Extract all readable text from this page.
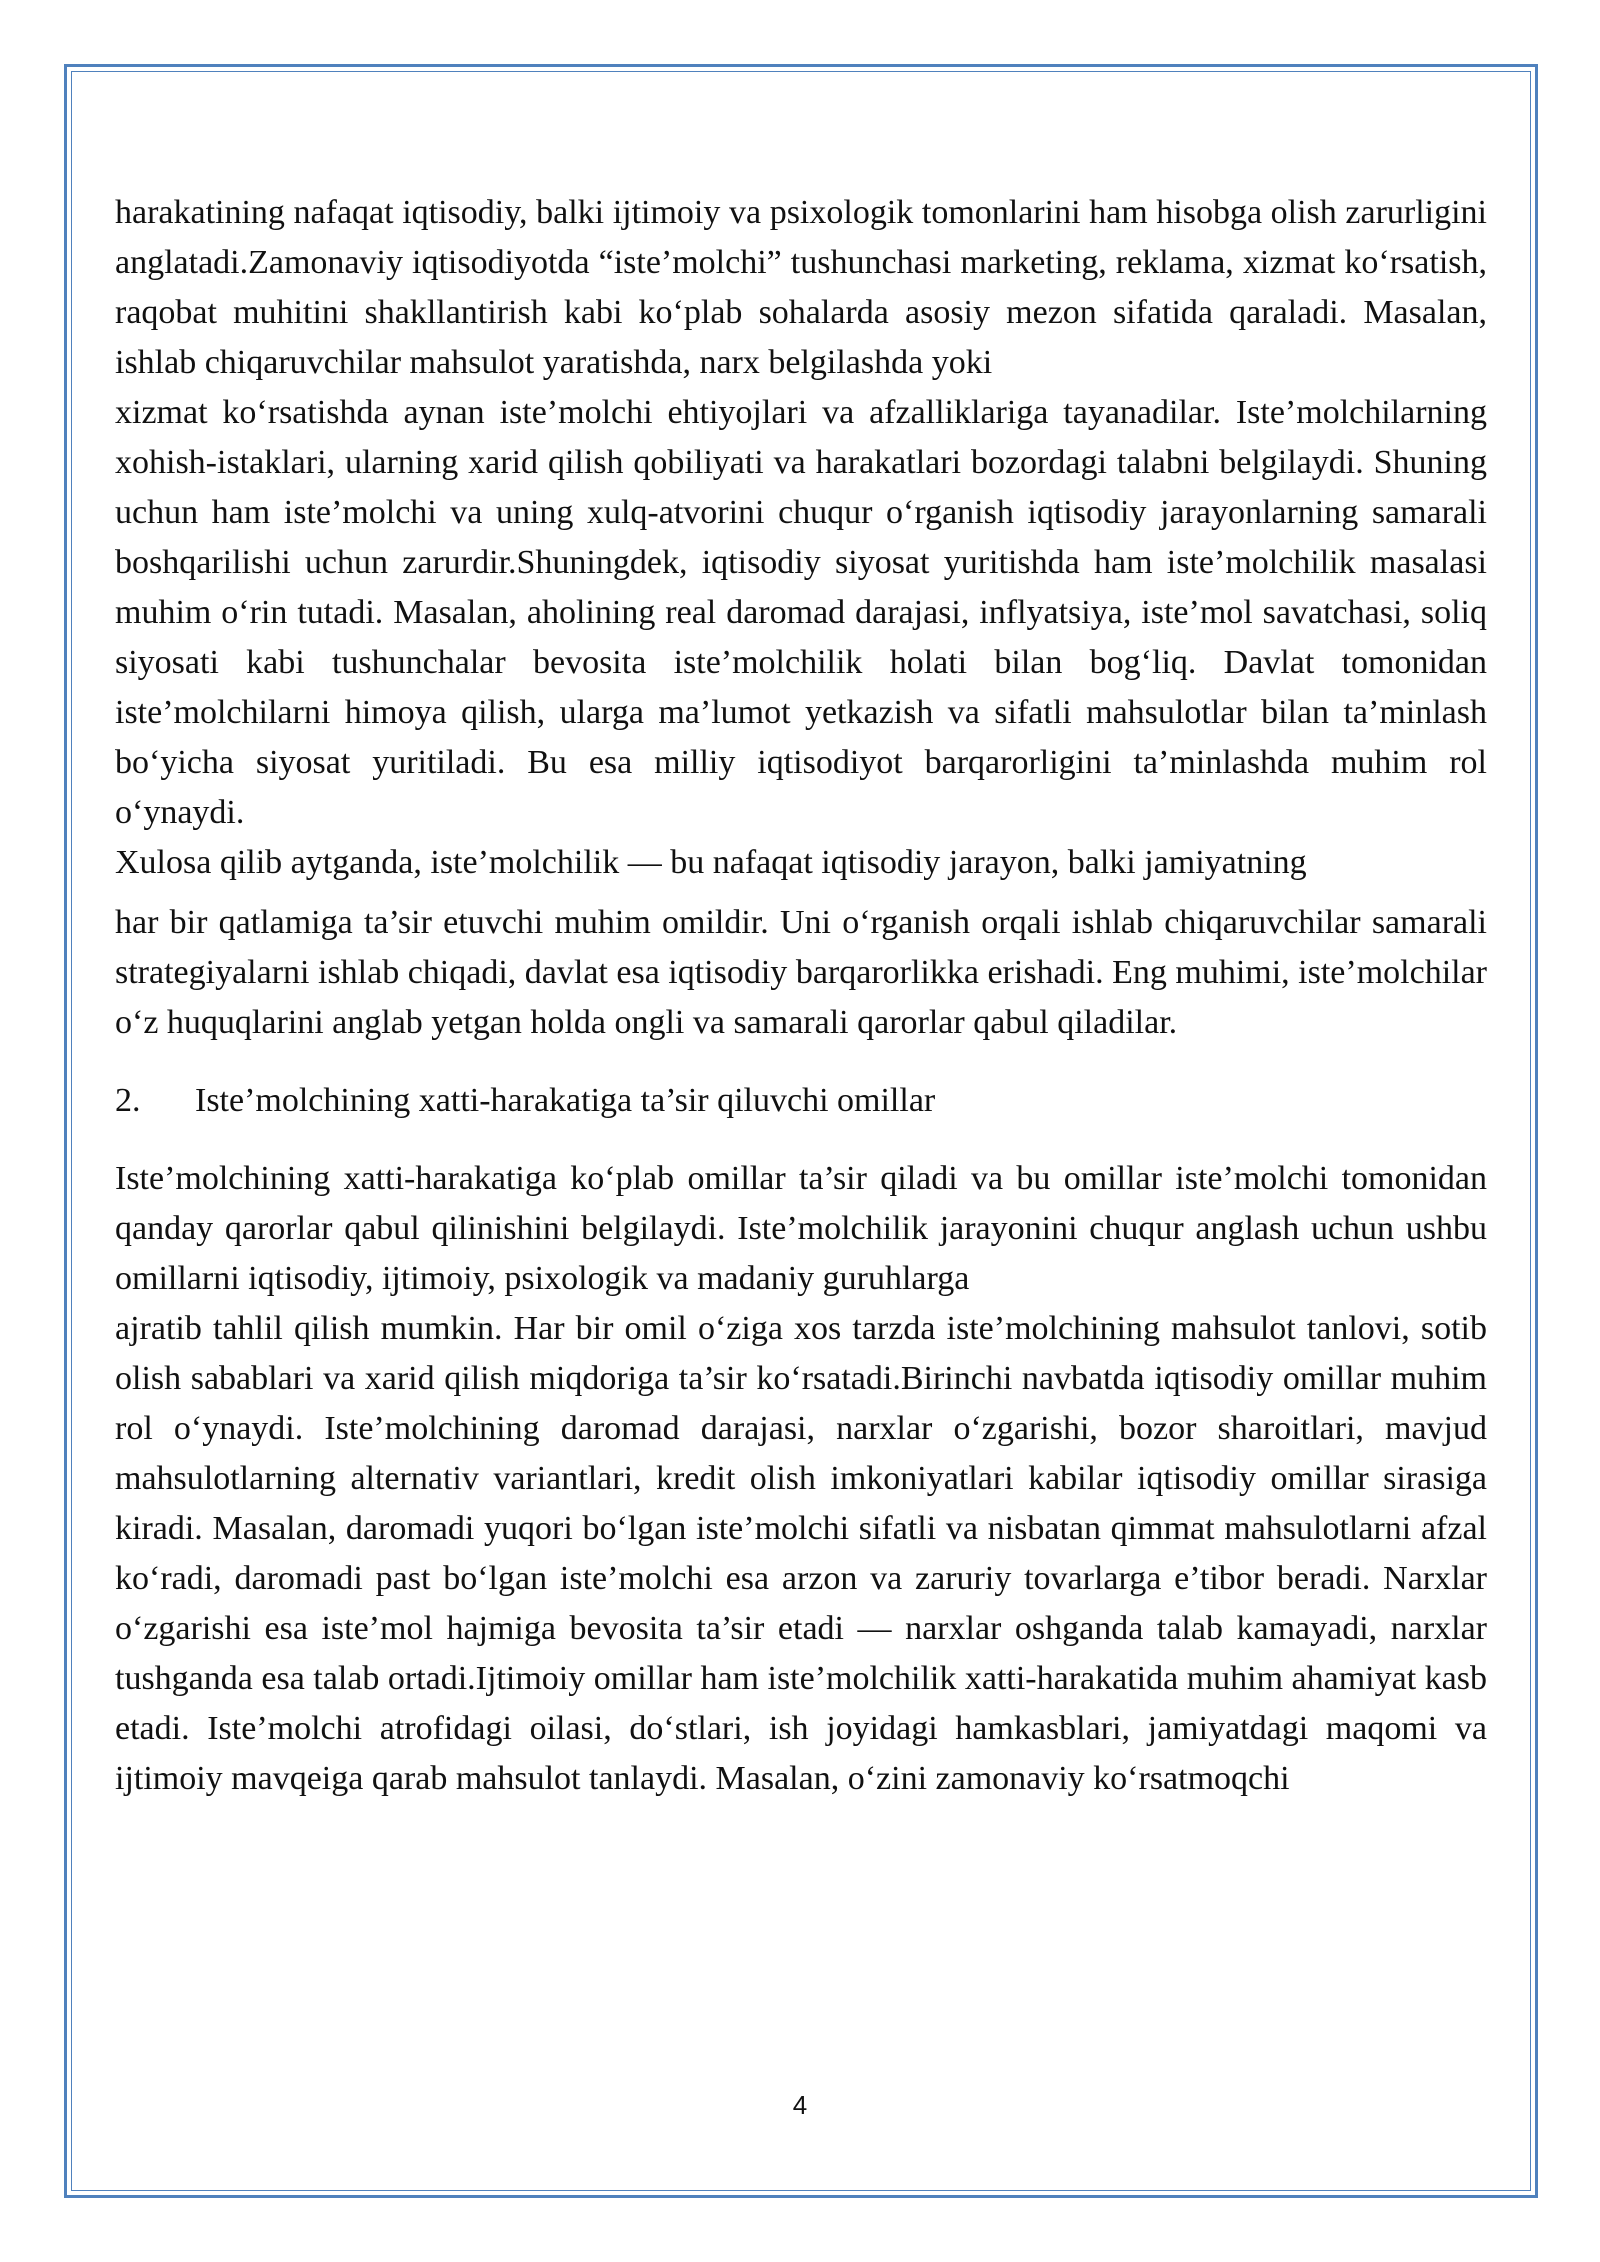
harakatining nafaqat iqtisodiy, balki ijtimoiy va psixologik tomonlarini ham hisobga olish zarurligini anglatadi.Zamonaviy iqtisodiyotda “iste’molchi” tushunchasi marketing, reklama, xizmat ko‘rsatish, raqobat muhitini shakllantirish kabi ko‘plab sohalarda asosiy mezon sifatida qaraladi. Masalan, ishlab chiqaruvchilar mahsulot yaratishda, narx belgilashda yoki

xizmat ko‘rsatishda aynan iste’molchi ehtiyojlari va afzalliklariga tayanadilar. Iste’molchilarning xohish-istaklari, ularning xarid qilish qobiliyati va harakatlari bozordagi talabni belgilaydi. Shuning uchun ham iste’molchi va uning xulq-atvorini chuqur o‘rganish iqtisodiy jarayonlarning samarali boshqarilishi uchun zarurdir.Shuningdek, iqtisodiy siyosat yuritishda ham iste’molchilik masalasi muhim o‘rin tutadi. Masalan, aholining real daromad darajasi, inflyatsiya, iste’mol savatchasi, soliq siyosati kabi tushunchalar bevosita iste’molchilik holati bilan bog‘liq. Davlat tomonidan iste’molchilarni himoya qilish, ularga ma’lumot yetkazish va sifatli mahsulotlar bilan ta’minlash bo‘yicha siyosat yuritiladi. Bu esa milliy iqtisodiyot barqarorligini ta’minlashda muhim rol o‘ynaydi.

Xulosa qilib aytganda, iste’molchilik — bu nafaqat iqtisodiy jarayon, balki jamiyatning

har bir qatlamiga ta’sir etuvchi muhim omildir. Uni o‘rganish orqali ishlab chiqaruvchilar samarali strategiyalarni ishlab chiqadi, davlat esa iqtisodiy barqarorlikka erishadi. Eng muhimi, iste’molchilar o‘z huquqlarini anglab yetgan holda ongli va samarali qarorlar qabul qiladilar.

2.	Iste’molchining xatti-harakatiga ta’sir qiluvchi omillar

Iste’molchining xatti-harakatiga ko‘plab omillar ta’sir qiladi va bu omillar iste’molchi tomonidan qanday qarorlar qabul qilinishini belgilaydi. Iste’molchilik jarayonini chuqur anglash uchun ushbu omillarni iqtisodiy, ijtimoiy, psixologik va madaniy guruhlarga

ajratib tahlil qilish mumkin. Har bir omil o‘ziga xos tarzda iste’molchining mahsulot tanlovi, sotib olish sabablari va xarid qilish miqdoriga ta’sir ko‘rsatadi.Birinchi navbatda iqtisodiy omillar muhim rol o‘ynaydi. Iste’molchining daromad darajasi, narxlar o‘zgarishi, bozor sharoitlari, mavjud mahsulotlarning alternativ variantlari, kredit olish imkoniyatlari kabilar iqtisodiy omillar sirasiga kiradi. Masalan, daromadi yuqori bo‘lgan iste’molchi sifatli va nisbatan qimmat mahsulotlarni afzal ko‘radi, daromadi past bo‘lgan iste’molchi esa arzon va zaruriy tovarlarga e’tibor beradi. Narxlar o‘zgarishi esa iste’mol hajmiga bevosita ta’sir etadi — narxlar oshganda talab kamayadi, narxlar tushganda esa talab ortadi.Ijtimoiy omillar ham iste’molchilik xatti-harakatida muhim ahamiyat kasb etadi. Iste’molchi atrofidagi oilasi, do‘stlari, ish joyidagi hamkasblari, jamiyatdagi maqomi va ijtimoiy mavqeiga qarab mahsulot tanlaydi. Masalan, o‘zini zamonaviy ko‘rsatmoqchi

4
